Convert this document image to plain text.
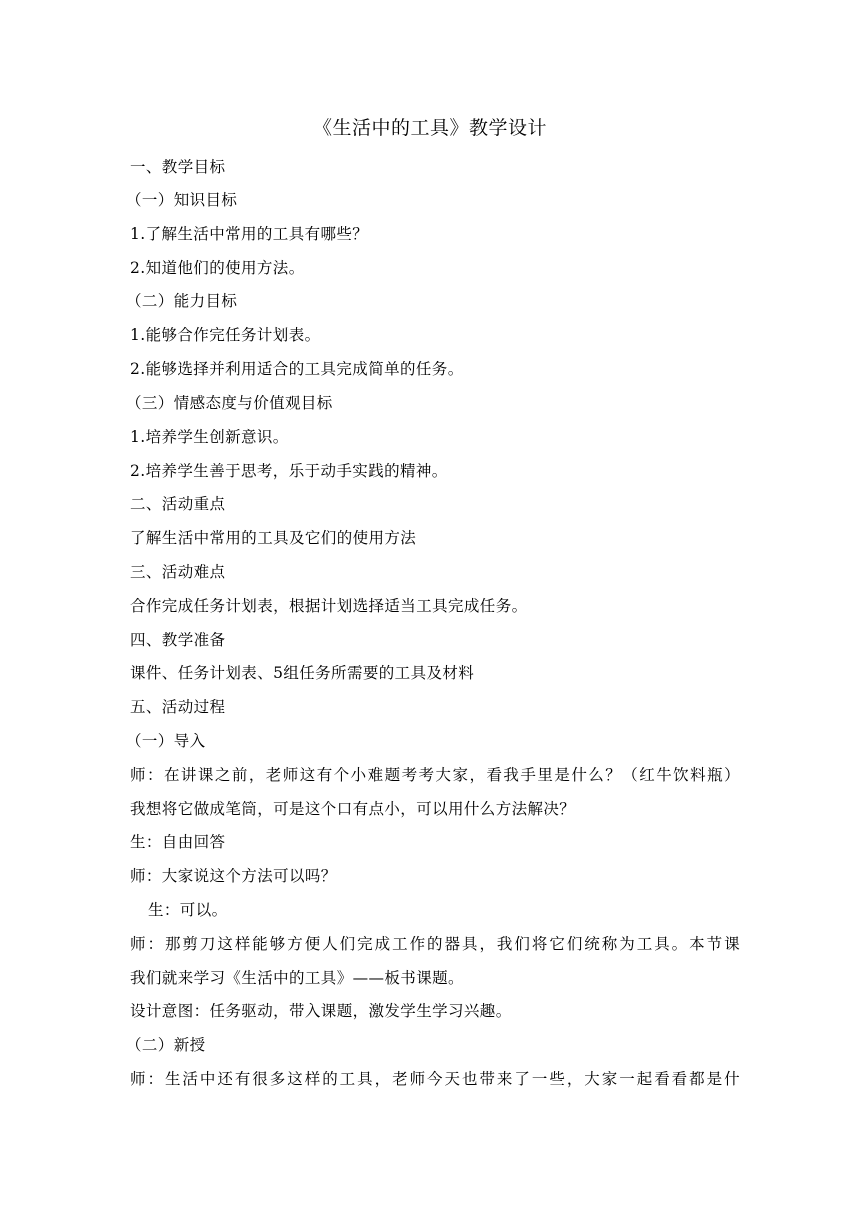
《生活中的工具》教学设计
一、教学目标
（一）知识目标
1.了解生活中常用的工具有哪些？
2.知道他们的使用方法。
（二）能力目标
1.能够合作完任务计划表。
2.能够选择并利用适合的工具完成简单的任务。
（三）情感态度与价值观目标
1.培养学生创新意识。
2.培养学生善于思考，乐于动手实践的精神。
二、活动重点
了解生活中常用的工具及它们的使用方法
三、活动难点
合作完成任务计划表，根据计划选择适当工具完成任务。
四、教学准备
课件、任务计划表、5组任务所需要的工具及材料
五、活动过程
（一）导入
师：在讲课之前，老师这有个小难题考考大家，看我手里是什么？（红牛饮料瓶）
我想将它做成笔筒，可是这个口有点小，可以用什么方法解决？
生：自由回答
师：大家说这个方法可以吗？
生：可以。
师：那剪刀这样能够方便人们完成工作的器具，我们将它们统称为工具。本节课
我们就来学习《生活中的工具》——板书课题。
设计意图：任务驱动，带入课题，激发学生学习兴趣。
（二）新授
师：生活中还有很多这样的工具，老师今天也带来了一些，大家一起看看都是什
